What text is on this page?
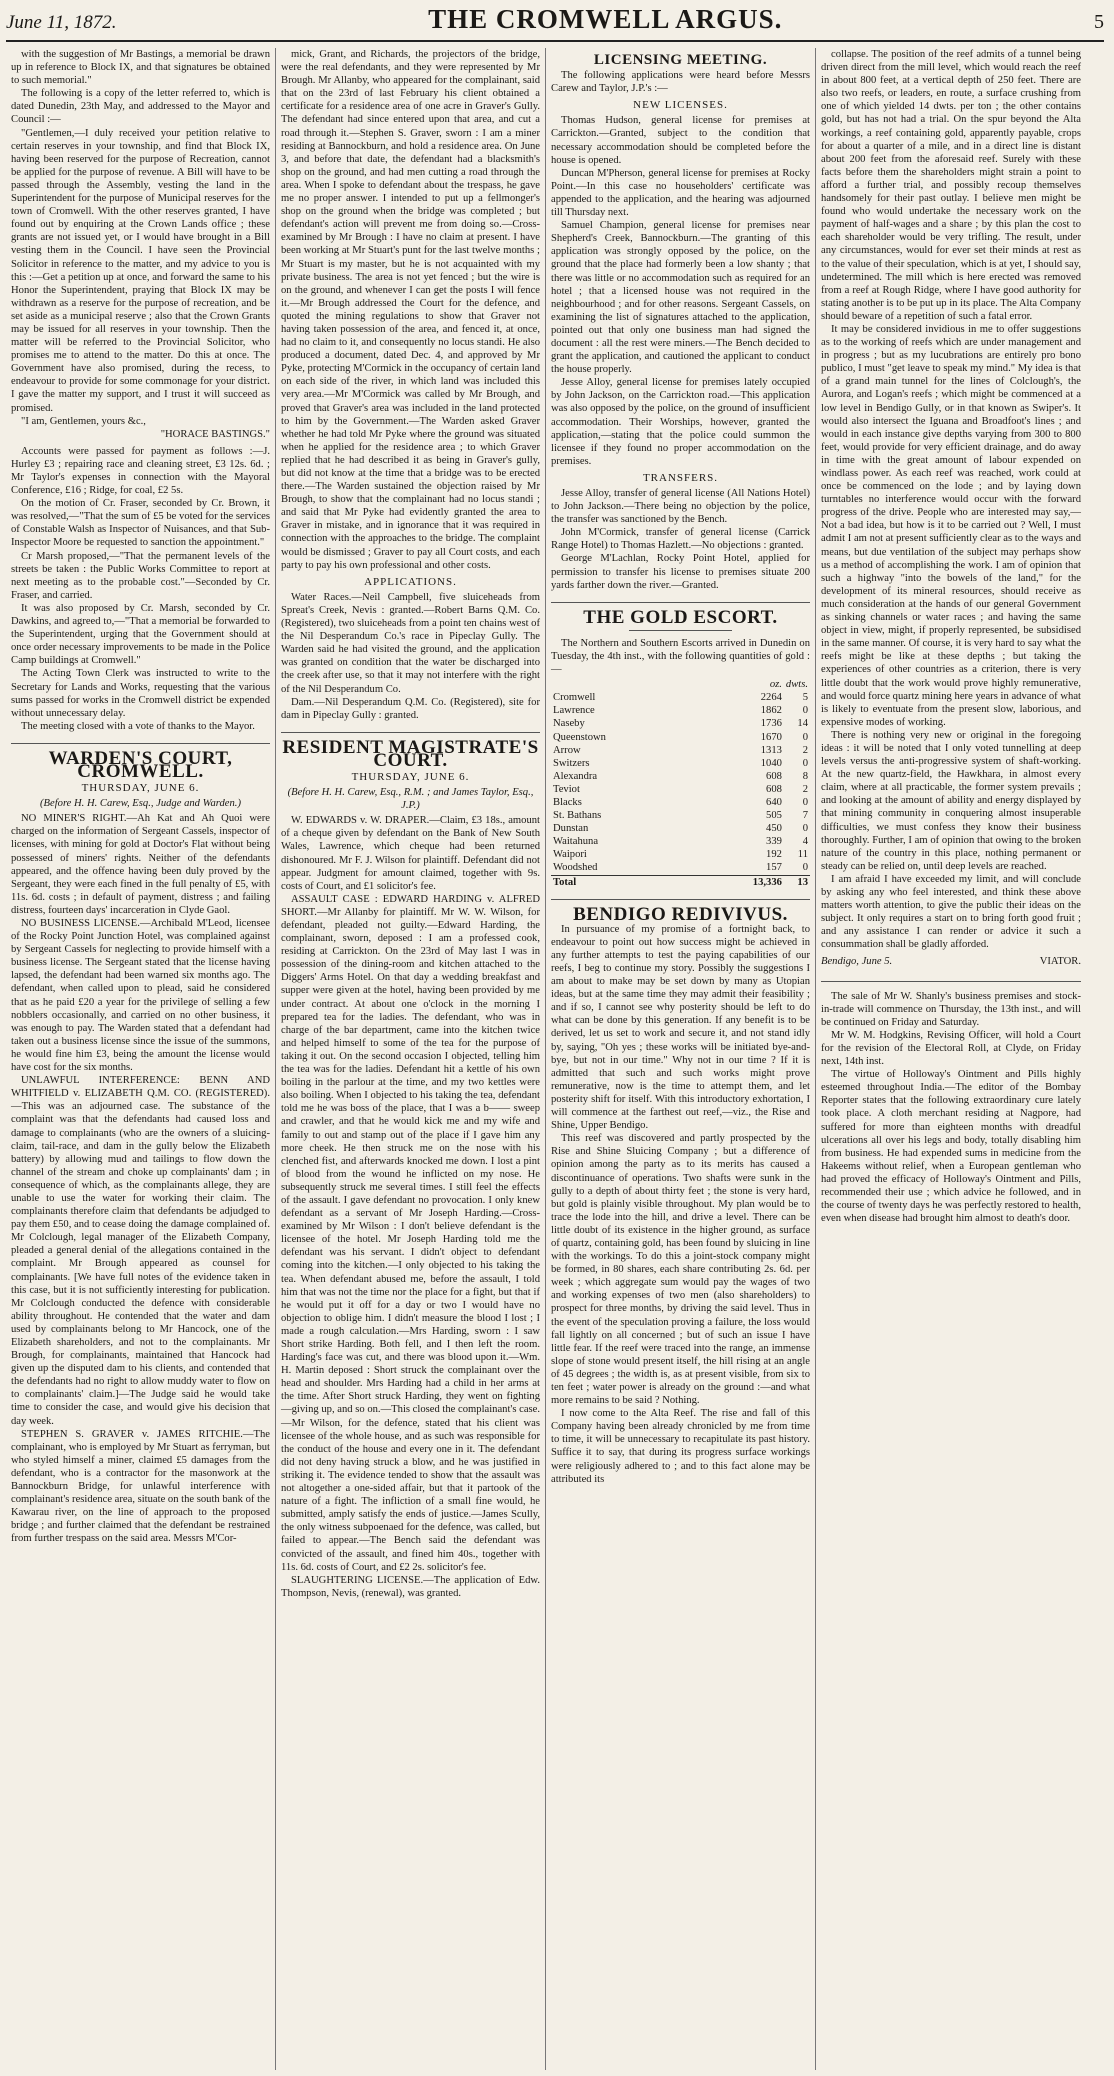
June 11, 1872.	THE CROMWELL ARGUS.	5

with the suggestion of Mr Bastings, a memorial be drawn up in reference to Block IX, and that signatures be obtained to such memorial."

The following is a copy of the letter referred to, which is dated Dunedin, 23th May, and addressed to the Mayor and Council :—

"Gentlemen,—I duly received your petition relative to certain reserves in your township, and find that Block IX, having been reserved for the purpose of Recreation, cannot be applied for the purpose of revenue. A Bill will have to be passed through the Assembly, vesting the land in the Superintendent for the purpose of Municipal reserves for the town of Cromwell. With the other reserves granted, I have found out by enquiring at the Crown Lands office ; these grants are not issued yet, or I would have brought in a Bill vesting them in the Council. I have seen the Provincial Solicitor in reference to the matter, and my advice to you is this :—Get a petition up at once, and forward the same to his Honor the Superintendent, praying that Block IX may be withdrawn as a reserve for the purpose of recreation, and be set aside as a municipal reserve ; also that the Crown Grants may be issued for all reserves in your township. Then the matter will be referred to the Provincial Solicitor, who promises me to attend to the matter. Do this at once. The Government have also promised, during the recess, to endeavour to provide for some commonage for your district. I gave the matter my support, and I trust it will succeed as promised.

"I am, Gentlemen, yours &c.,

"HORACE BASTINGS."

Accounts were passed for payment as follows :—J. Hurley £3 ; repairing race and cleaning street, £3 12s. 6d. ; Mr Taylor's expenses in connection with the Mayoral Conference, £16 ; Ridge, for coal, £2 5s.

On the motion of Cr. Fraser, seconded by Cr. Brown, it was resolved,—"That the sum of £5 be voted for the services of Constable Walsh as Inspector of Nuisances, and that Sub-Inspector Moore be requested to sanction the appointment."

Cr Marsh proposed,—"That the permanent levels of the streets be taken : the Public Works Committee to report at next meeting as to the probable cost."—Seconded by Cr. Fraser, and carried.

It was also proposed by Cr. Marsh, seconded by Cr. Dawkins, and agreed to,—"That a memorial be forwarded to the Superintendent, urging that the Government should at once order necessary improvements to be made in the Police Camp buildings at Cromwell."

The Acting Town Clerk was instructed to write to the Secretary for Lands and Works, requesting that the various sums passed for works in the Cromwell district be expended without unnecessary delay.

The meeting closed with a vote of thanks to the Mayor.

WARDEN'S COURT, CROMWELL.
THURSDAY, JUNE 6.
(Before H. H. Carew, Esq., Judge and Warden.)

NO MINER'S RIGHT.—Ah Kat and Ah Quoi were charged on the information of Sergeant Cassels, inspector of licenses, with mining for gold at Doctor's Flat without being possessed of miners' rights. Neither of the defendants appeared, and the offence having been duly proved by the Sergeant, they were each fined in the full penalty of £5, with 11s. 6d. costs ; in default of payment, distress ; and failing distress, fourteen days' incarceration in Clyde Gaol.

NO BUSINESS LICENSE.—Archibald M'Leod, licensee of the Rocky Point Junction Hotel, was complained against by Sergeant Cassels for neglecting to provide himself with a business license. The Sergeant stated that the license having lapsed, the defendant had been warned six months ago. The defendant, when called upon to plead, said he considered that as he paid £20 a year for the privilege of selling a few nobblers occasionally, and carried on no other business, it was enough to pay. The Warden stated that a defendant had taken out a business license since the issue of the summons, he would fine him £3, being the amount the license would have cost for the six months.

UNLAWFUL INTERFERENCE: BENN AND WHITFIELD v. ELIZABETH Q.M. CO. (REGISTERED).—This was an adjourned case. The substance of the complaint was that the defendants had caused loss and damage to complainants (who are the owners of a sluicing-claim, tail-race, and dam in the gully below the Elizabeth battery) by allowing mud and tailings to flow down the channel of the stream and choke up complainants' dam ; in consequence of which, as the complainants allege, they are unable to use the water for working their claim. The complainants therefore claim that defendants be adjudged to pay them £50, and to cease doing the damage complained of. Mr Colclough, legal manager of the Elizabeth Company, pleaded a general denial of the allegations contained in the complaint. Mr Brough appeared as counsel for complainants. [We have full notes of the evidence taken in this case, but it is not sufficiently interesting for publication. Mr Colclough conducted the defence with considerable ability throughout. He contended that the water and dam used by complainants belong to Mr Hancock, one of the Elizabeth shareholders, and not to the complainants. Mr Brough, for complainants, maintained that Hancock had given up the disputed dam to his clients, and contended that the defendants had no right to allow muddy water to flow on to complainants' claim.]—The Judge said he would take time to consider the case, and would give his decision that day week.

STEPHEN S. GRAVER v. JAMES RITCHIE.—The complainant, who is employed by Mr Stuart as ferryman, but who styled himself a miner, claimed £5 damages from the defendant, who is a contractor for the masonwork at the Bannockburn Bridge, for unlawful interference with complainant's residence area, situate on the south bank of the Kawarau river, on the line of approach to the proposed bridge ; and further claimed that the defendant be restrained from further trespass on the said area. Messrs M'Cor-

mick, Grant, and Richards, the projectors of the bridge, were the real defendants, and they were represented by Mr Brough. Mr Allanby, who appeared for the complainant, said that on the 23rd of last February his client obtained a certificate for a residence area of one acre in Graver's Gully. The defendant had since entered upon that area, and cut a road through it.—Stephen S. Graver, sworn : I am a miner residing at Bannockburn, and hold a residence area. On June 3, and before that date, the defendant had a blacksmith's shop on the ground, and had men cutting a road through the area. When I spoke to defendant about the trespass, he gave me no proper answer. I intended to put up a fellmonger's shop on the ground when the bridge was completed ; but defendant's action will prevent me from doing so.—Cross-examined by Mr Brough : I have no claim at present. I have been working at Mr Stuart's punt for the last twelve months ; Mr Stuart is my master, but he is not acquainted with my private business. The area is not yet fenced ; but the wire is on the ground, and whenever I can get the posts I will fence it.—Mr Brough addressed the Court for the defence, and quoted the mining regulations to show that Graver not having taken possession of the area, and fenced it, at once, had no claim to it, and consequently no locus standi. He also produced a document, dated Dec. 4, and approved by Mr Pyke, protecting M'Cormick in the occupancy of certain land on each side of the river, in which land was included this very area.—Mr M'Cormick was called by Mr Brough, and proved that Graver's area was included in the land protected to him by the Government.—The Warden asked Graver whether he had told Mr Pyke where the ground was situated when he applied for the residence area ; to which Graver replied that he had described it as being in Graver's gully, but did not know at the time that a bridge was to be erected there.—The Warden sustained the objection raised by Mr Brough, to show that the complainant had no locus standi ; and said that Mr Pyke had evidently granted the area to Graver in mistake, and in ignorance that it was required in connection with the approaches to the bridge. The complaint would be dismissed ; Graver to pay all Court costs, and each party to pay his own professional and other costs.

APPLICATIONS.

Water Races.—Neil Campbell, five sluiceheads from Spreat's Creek, Nevis : granted.—Robert Barns Q.M. Co. (Registered), two sluiceheads from a point ten chains west of the Nil Desperandum Co.'s race in Pipeclay Gully. The Warden said he had visited the ground, and the application was granted on condition that the water be discharged into the creek after use, so that it may not interfere with the right of the Nil Desperandum Co.

Dam.—Nil Desperandum Q.M. Co. (Registered), site for dam in Pipeclay Gully : granted.

RESIDENT MAGISTRATE'S COURT.
THURSDAY, JUNE 6.
(Before H. H. Carew, Esq., R.M. ; and James Taylor, Esq., J.P.)

W. EDWARDS v. W. DRAPER.—Claim, £3 18s., amount of a cheque given by defendant on the Bank of New South Wales, Lawrence, which cheque had been returned dishonoured. Mr F. J. Wilson for plaintiff. Defendant did not appear. Judgment for amount claimed, together with 9s. costs of Court, and £1 solicitor's fee.

ASSAULT CASE : EDWARD HARDING v. ALFRED SHORT.—Mr Allanby for plaintiff. Mr W. W. Wilson, for defendant, pleaded not guilty.—Edward Harding, the complainant, sworn, deposed : I am a professed cook, residing at Carrickton. On the 23rd of May last I was in possession of the dining-room and kitchen attached to the Diggers' Arms Hotel. On that day a wedding breakfast and supper were given at the hotel, having been provided by me under contract. At about one o'clock in the morning I prepared tea for the ladies. The defendant, who was in charge of the bar department, came into the kitchen twice and helped himself to some of the tea for the purpose of taking it out. On the second occasion I objected, telling him the tea was for the ladies. Defendant hit a kettle of his own boiling in the parlour at the time, and my two kettles were also boiling. When I objected to his taking the tea, defendant told me he was boss of the place, that I was a b—— sweep and crawler, and that he would kick me and my wife and family to out and stamp out of the place if I gave him any more cheek. He then struck me on the nose with his clenched fist, and afterwards knocked me down. I lost a pint of blood from the wound he inflicted on my nose. He subsequently struck me several times. I still feel the effects of the assault. I gave defendant no provocation. I only knew defendant as a servant of Mr Joseph Harding.—Cross-examined by Mr Wilson : I don't believe defendant is the licensee of the hotel. Mr Joseph Harding told me the defendant was his servant. I didn't object to defendant coming into the kitchen.—I only objected to his taking the tea. When defendant abused me, before the assault, I told him that was not the time nor the place for a fight, but that if he would put it off for a day or two I would have no objection to oblige him. I didn't measure the blood I lost ; I made a rough calculation.—Mrs Harding, sworn : I saw Short strike Harding. Both fell, and I then left the room. Harding's face was cut, and there was blood upon it.—Wm. H. Martin deposed : Short struck the complainant over the head and shoulder. Mrs Harding had a child in her arms at the time. After Short struck Harding, they went on fighting—giving up, and so on.—This closed the complainant's case.—Mr Wilson, for the defence, stated that his client was licensee of the whole house, and as such was responsible for the conduct of the house and every one in it. The defendant did not deny having struck a blow, and he was justified in striking it. The evidence tended to show that the assault was not altogether a one-sided affair, but that it partook of the nature of a fight. The infliction of a small fine would, he submitted, amply satisfy the ends of justice.—James Scully, the only witness subpoenaed for the defence, was called, but failed to appear.—The Bench said the defendant was convicted of the assault, and fined him 40s., together with 11s. 6d. costs of Court, and £2 2s. solicitor's fee.

SLAUGHTERING LICENSE.—The application of Edw. Thompson, Nevis, (renewal), was granted.

LICENSING MEETING.

The following applications were heard before Messrs Carew and Taylor, J.P.'s :—

NEW LICENSES.

Thomas Hudson, general license for premises at Carrickton.—Granted, subject to the condition that necessary accommodation should be completed before the house is opened.

Duncan M'Pherson, general license for premises at Rocky Point.—In this case no householders' certificate was appended to the application, and the hearing was adjourned till Thursday next.

Samuel Champion, general license for premises near Shepherd's Creek, Bannockburn.—The granting of this application was strongly opposed by the police, on the ground that the place had formerly been a low shanty ; that there was little or no accommodation such as required for an hotel ; that a licensed house was not required in the neighbourhood ; and for other reasons. Sergeant Cassels, on examining the list of signatures attached to the application, pointed out that only one business man had signed the document : all the rest were miners.—The Bench decided to grant the application, and cautioned the applicant to conduct the house properly.

Jesse Alloy, general license for premises lately occupied by John Jackson, on the Carrickton road.—This application was also opposed by the police, on the ground of insufficient accommodation. Their Worships, however, granted the application,—stating that the police could summon the licensee if they found no proper accommodation on the premises.

TRANSFERS.

Jesse Alloy, transfer of general license (All Nations Hotel) to John Jackson.—There being no objection by the police, the transfer was sanctioned by the Bench.

John M'Cormick, transfer of general license (Carrick Range Hotel) to Thomas Hazlett.—No objections : granted.

George M'Lachlan, Rocky Point Hotel, applied for permission to transfer his license to premises situate 200 yards farther down the river.—Granted.

THE GOLD ESCORT.

The Northern and Southern Escorts arrived in Dunedin on Tuesday, the 4th inst., with the following quantities of gold :—

	oz.	dwts.
Cromwell	2264	5
Lawrence	1862	0
Naseby	1736	14
Queenstown	1670	0
Arrow	1313	2
Switzers	1040	0
Alexandra	608	8
Teviot	608	2
Blacks	640	0
St. Bathans	505	7
Dunstan	450	0
Waitahuna	339	4
Waipori	192	11
Woodshed	157	0
Total	13,336	13
BENDIGO REDIVIVUS.

In pursuance of my promise of a fortnight back, to endeavour to point out how success might be achieved in any further attempts to test the paying capabilities of our reefs, I beg to continue my story. Possibly the suggestions I am about to make may be set down by many as Utopian ideas, but at the same time they may admit their feasibility ; and if so, I cannot see why posterity should be left to do what can be done by this generation. If any benefit is to be derived, let us set to work and secure it, and not stand idly by, saying, "Oh yes ; these works will be initiated bye-and-bye, but not in our time." Why not in our time ? If it is admitted that such and such works might prove remunerative, now is the time to attempt them, and let posterity shift for itself. With this introductory exhortation, I will commence at the farthest out reef,—viz., the Rise and Shine, Upper Bendigo.

This reef was discovered and partly prospected by the Rise and Shine Sluicing Company ; but a difference of opinion among the party as to its merits has caused a discontinuance of operations. Two shafts were sunk in the gully to a depth of about thirty feet ; the stone is very hard, but gold is plainly visible throughout. My plan would be to trace the lode into the hill, and drive a level. There can be little doubt of its existence in the higher ground, as surface of quartz, containing gold, has been found by sluicing in line with the workings. To do this a joint-stock company might be formed, in 80 shares, each share contributing 2s. 6d. per week ; which aggregate sum would pay the wages of two and working expenses of two men (also shareholders) to prospect for three months, by driving the said level. Thus in the event of the speculation proving a failure, the loss would fall lightly on all concerned ; but of such an issue I have little fear. If the reef were traced into the range, an immense slope of stone would present itself, the hill rising at an angle of 45 degrees ; the width is, as at present visible, from six to ten feet ; water power is already on the ground :—and what more remains to be said ? Nothing.

I now come to the Alta Reef. The rise and fall of this Company having been already chronicled by me from time to time, it will be unnecessary to recapitulate its past history. Suffice it to say, that during its progress surface workings were religiously adhered to ; and to this fact alone may be attributed its

collapse. The position of the reef admits of a tunnel being driven direct from the mill level, which would reach the reef in about 800 feet, at a vertical depth of 250 feet. There are also two reefs, or leaders, en route, a surface crushing from one of which yielded 14 dwts. per ton ; the other contains gold, but has not had a trial. On the spur beyond the Alta workings, a reef containing gold, apparently payable, crops for about a quarter of a mile, and in a direct line is distant about 200 feet from the aforesaid reef. Surely with these facts before them the shareholders might strain a point to afford a further trial, and possibly recoup themselves handsomely for their past outlay. I believe men might be found who would undertake the necessary work on the payment of half-wages and a share ; by this plan the cost to each shareholder would be very trifling. The result, under any circumstances, would for ever set their minds at rest as to the value of their speculation, which is at yet, I should say, undetermined. The mill which is here erected was removed from a reef at Rough Ridge, where I have good authority for stating another is to be put up in its place. The Alta Company should beware of a repetition of such a fatal error.

It may be considered invidious in me to offer suggestions as to the working of reefs which are under management and in progress ; but as my lucubrations are entirely pro bono publico, I must "get leave to speak my mind." My idea is that of a grand main tunnel for the lines of Colclough's, the Aurora, and Logan's reefs ; which might be commenced at a low level in Bendigo Gully, or in that known as Swiper's. It would also intersect the Iguana and Broadfoot's lines ; and would in each instance give depths varying from 300 to 800 feet, would provide for very efficient drainage, and do away in time with the great amount of labour expended on windlass power. As each reef was reached, work could at once be commenced on the lode ; and by laying down turntables no interference would occur with the forward progress of the drive. People who are interested may say,—Not a bad idea, but how is it to be carried out ? Well, I must admit I am not at present sufficiently clear as to the ways and means, but due ventilation of the subject may perhaps show us a method of accomplishing the work. I am of opinion that such a highway "into the bowels of the land," for the development of its mineral resources, should receive as much consideration at the hands of our general Government as sinking channels or water races ; and having the same object in view, might, if properly represented, be subsidised in the same manner. Of course, it is very hard to say what the reefs might be like at these depths ; but taking the experiences of other countries as a criterion, there is very little doubt that the work would prove highly remunerative, and would force quartz mining here years in advance of what is likely to eventuate from the present slow, laborious, and expensive modes of working.

There is nothing very new or original in the foregoing ideas : it will be noted that I only voted tunnelling at deep levels versus the anti-progressive system of shaft-working. At the new quartz-field, the Hawkhara, in almost every claim, where at all practicable, the former system prevails ; and looking at the amount of ability and energy displayed by that mining community in conquering almost insuperable difficulties, we must confess they know their business thoroughly. Further, I am of opinion that owing to the broken nature of the country in this place, nothing permanent or steady can be relied on, until deep levels are reached.

I am afraid I have exceeded my limit, and will conclude by asking any who feel interested, and think these above matters worth attention, to give the public their ideas on the subject. It only requires a start on to bring forth good fruit ; and any assistance I can render or advice it such a consummation shall be gladly afforded.

Bendigo, June 5.	VIATOR.

The sale of Mr W. Shanly's business premises and stock-in-trade will commence on Thursday, the 13th inst., and will be continued on Friday and Saturday.

Mr W. M. Hodgkins, Revising Officer, will hold a Court for the revision of the Electoral Roll, at Clyde, on Friday next, 14th inst.

The virtue of Holloway's Ointment and Pills highly esteemed throughout India.—The editor of the Bombay Reporter states that the following extraordinary cure lately took place. A cloth merchant residing at Nagpore, had suffered for more than eighteen months with dreadful ulcerations all over his legs and body, totally disabling him from business. He had expended sums in medicine from the Hakeems without relief, when a European gentleman who had proved the efficacy of Holloway's Ointment and Pills, recommended their use ; which advice he followed, and in the course of twenty days he was perfectly restored to health, even when disease had brought him almost to death's door.
